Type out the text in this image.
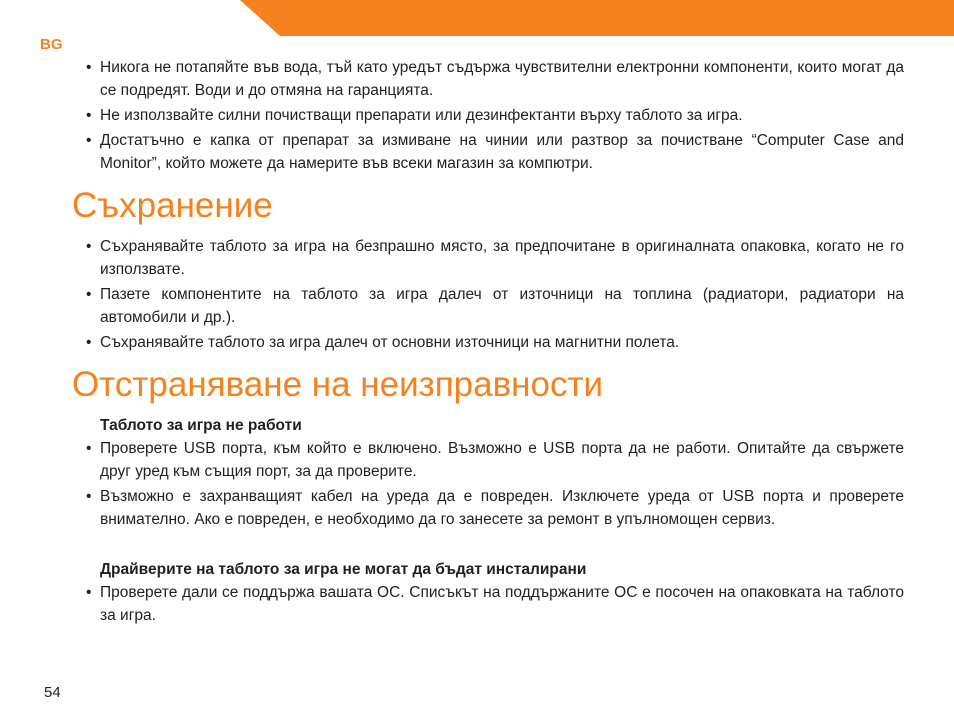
BG
• Никога не потапяйте във вода, тъй като уредът съдържа чувствителни електронни компоненти, които могат да се подредят. Води и до отмяна на гаранцията.
• Не използвайте силни почистващи препарати или дезинфектанти върху таблото за игра.
• Достатъчно е капка от препарат за измиване на чинии или разтвор за почистване “Computer Case and Monitor”, който можете да намерите във всеки магазин за компютри.
Съхранение
• Съхранявайте таблото за игра на безпрашно място, за предпочитане в оригиналната опаковка, когато не го използвате.
• Пазете компонентите на таблото за игра далеч от източници на топлина (радиатори, радиатори на автомобили и др.).
• Съхранявайте таблото за игра далеч от основни източници на магнитни полета.
Отстраняване на неизправности

Таблото за игра не работи

• Проверете USB порта, към който е включено. Възможно е USB порта да не работи. Опитайте да свържете друг уред към същия порт, за да проверите.
• Възможно е захранващият кабел на уреда да е повреден. Изключете уреда от USB порта и проверете внимателно. Ако е повреден, е необходимо да го занесете за ремонт в упълномощен сервиз.

Драйверите на таблото за игра не могат да бъдат инсталирани

• Проверете дали се поддържа вашата ОС. Списъкът на поддържаните ОС е посочен на опаковката на таблото за игра.
54
